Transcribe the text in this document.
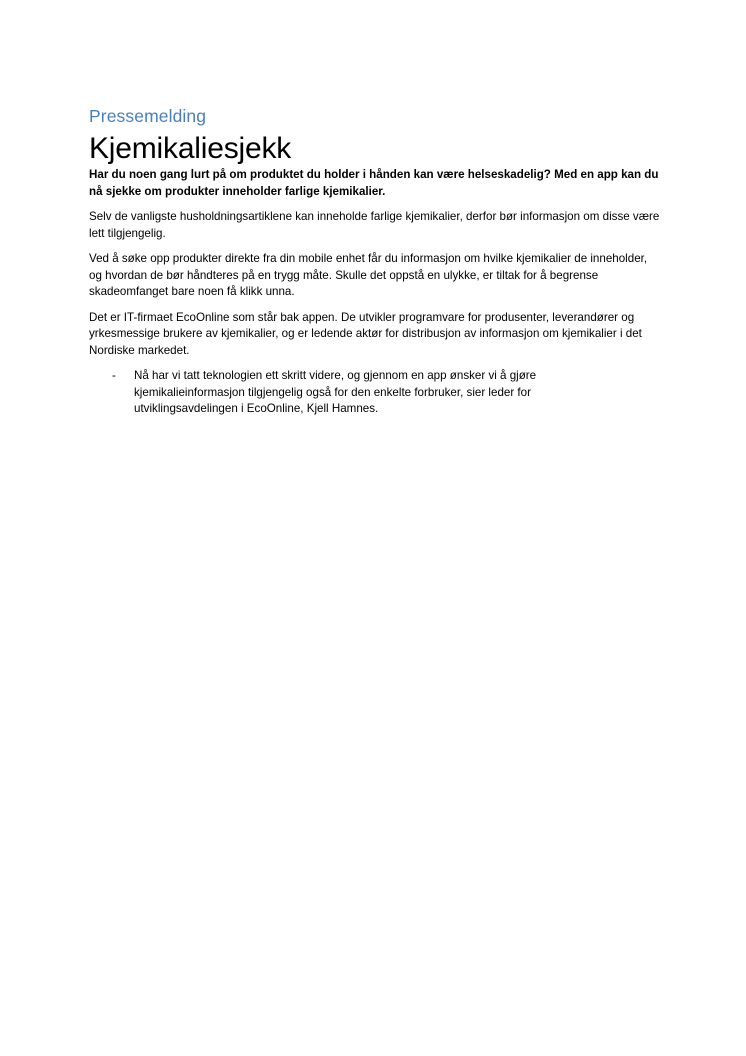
Pressemelding

Kjemikaliesjekk

Har du noen gang lurt på om produktet du holder i hånden kan være helseskadelig? Med en app kan du nå sjekke om produkter inneholder farlige kjemikalier.

Selv de vanligste husholdningsartiklene kan inneholde farlige kjemikalier, derfor bør informasjon om disse være lett tilgjengelig.

Ved å søke opp produkter direkte fra din mobile enhet får du informasjon om hvilke kjemikalier de inneholder, og hvordan de bør håndteres på en trygg måte. Skulle det oppstå en ulykke, er tiltak for å begrense skadeomfanget bare noen få klikk unna.

Det er IT-firmaet EcoOnline som står bak appen. De utvikler programvare for produsenter, leverandører og yrkesmessige brukere av kjemikalier, og er ledende aktør for distribusjon av informasjon om kjemikalier i det Nordiske markedet.

-	Nå har vi tatt teknologien ett skritt videre, og gjennom en app ønsker vi å gjøre kjemikalieinformasjon tilgjengelig også for den enkelte forbruker, sier leder for utviklingsavdelingen i EcoOnline, Kjell Hamnes.
